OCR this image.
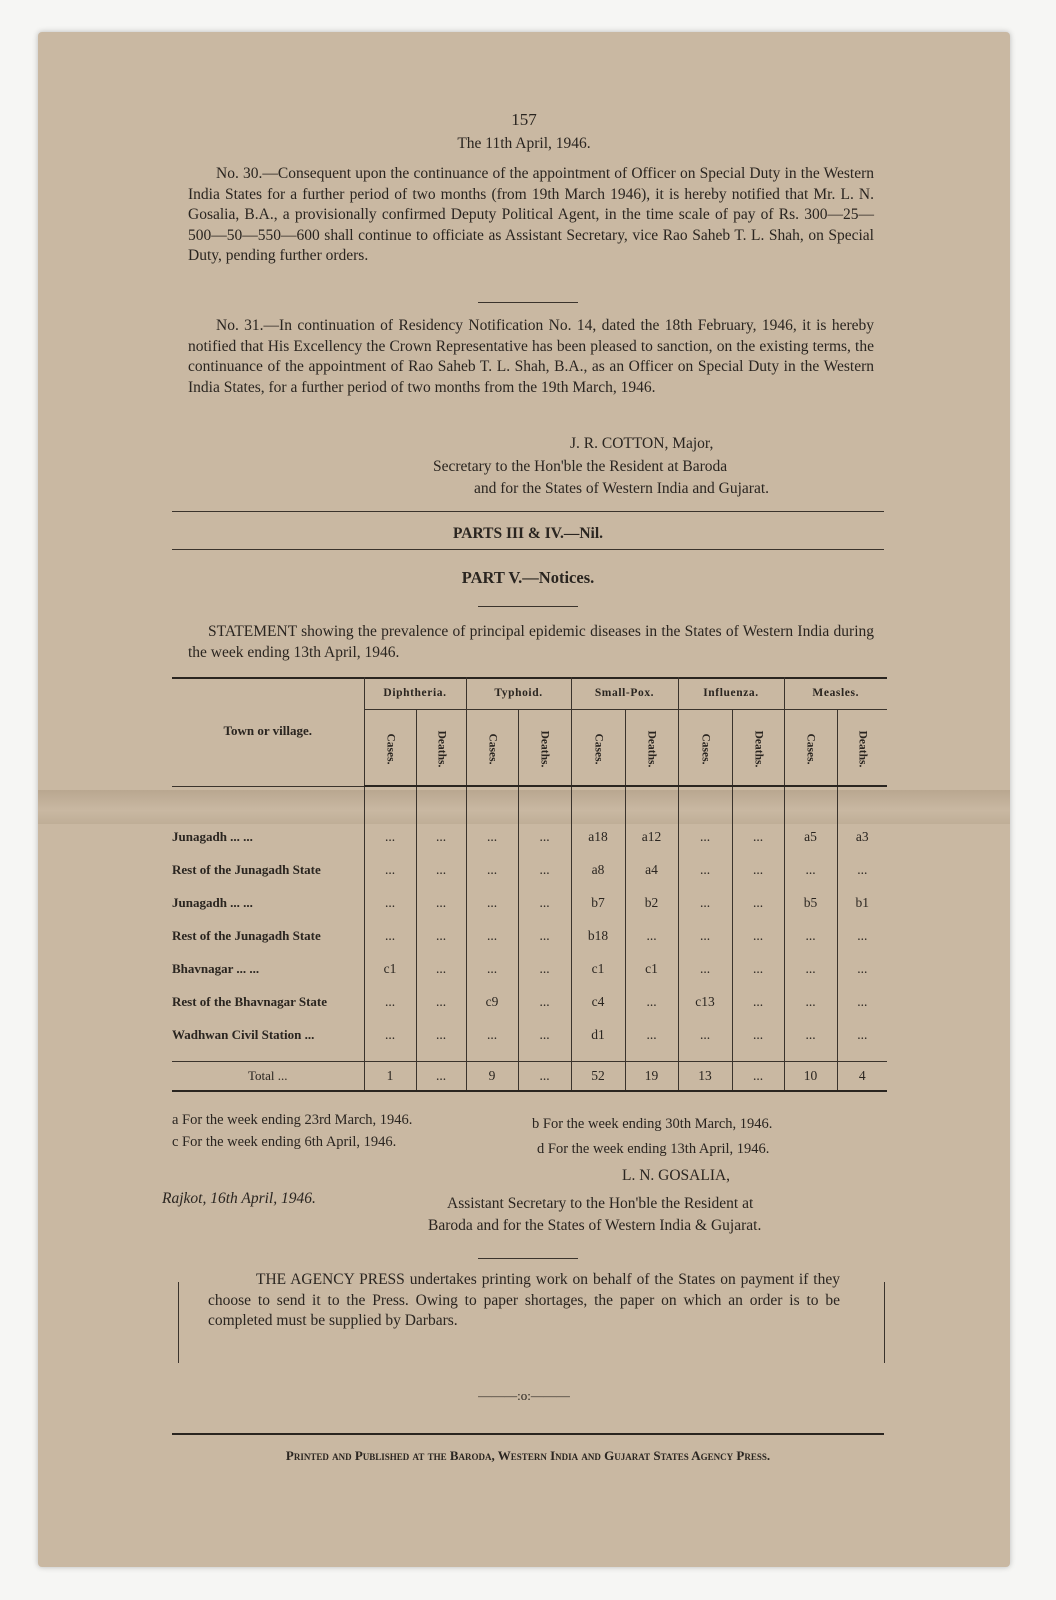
157
The 11th April, 1946.

No. 30.—Consequent upon the continuance of the appointment of Officer on Special Duty in the Western India States for a further period of two months (from 19th March 1946), it is hereby notified that Mr. L. N. Gosalia, B.A., a provisionally confirmed Deputy Political Agent, in the time scale of pay of Rs. 300—25—500—50—550—600 shall continue to officiate as Assistant Secretary, vice Rao Saheb T. L. Shah, on Special Duty, pending further orders.

No. 31.—In continuation of Residency Notification No. 14, dated the 18th February, 1946, it is hereby notified that His Excellency the Crown Representative has been pleased to sanction, on the existing terms, the continuance of the appointment of Rao Saheb T. L. Shah, B.A., as an Officer on Special Duty in the Western India States, for a further period of two months from the 19th March, 1946.

J. R. COTTON, Major,
Secretary to the Hon'ble the Resident at Baroda
and for the States of Western India and Gujarat.
PARTS III & IV.—Nil.
PART V.—Notices.

STATEMENT showing the prevalence of principal epidemic diseases in the States of Western India during the week ending 13th April, 1946.

Town or village.	Diphtheria.		Typhoid.		Small-Pox.		Influenza.		Measles.	
	Cases.	Deaths.	Cases.	Deaths.	Cases.	Deaths.	Cases.	Deaths.	Cases.	Deaths.

Junagadh ... ...	...	...	...	...	a18	a12	...	...	a5	a3
Rest of the Junagadh State	...	...	...	...	a8	a4	...	...	...	...
Junagadh ... ...	...	...	...	...	b7	b2	...	...	b5	b1
Rest of the Junagadh State	...	...	...	...	b18	...	...	...	...	...
Bhavnagar ... ...	c1	...	...	...	c1	c1	...	...	...	...
Rest of the Bhavnagar State	...	...	c9	...	c4	...	c13	...	...	...
Wadhwan Civil Station ...	...	...	...	...	d1	...	...	...	...	...

Total ...	1	...	9	...	52	19	13	...	10	4
a For the week ending 23rd March, 1946.	b For the week ending 30th March, 1946.
c For the week ending 6th April, 1946.	d For the week ending 13th April, 1946.
L. N. GOSALIA,
Rajkot, 16th April, 1946.	Assistant Secretary to the Hon'ble the Resident at
Baroda and for the States of Western India & Gujarat.

THE AGENCY PRESS undertakes printing work on behalf of the States on payment if they choose to send it to the Press. Owing to paper shortages, the paper on which an order is to be completed must be supplied by Darbars.

———:o:———
Printed and Published at the Baroda, Western India and Gujarat States Agency Press.
